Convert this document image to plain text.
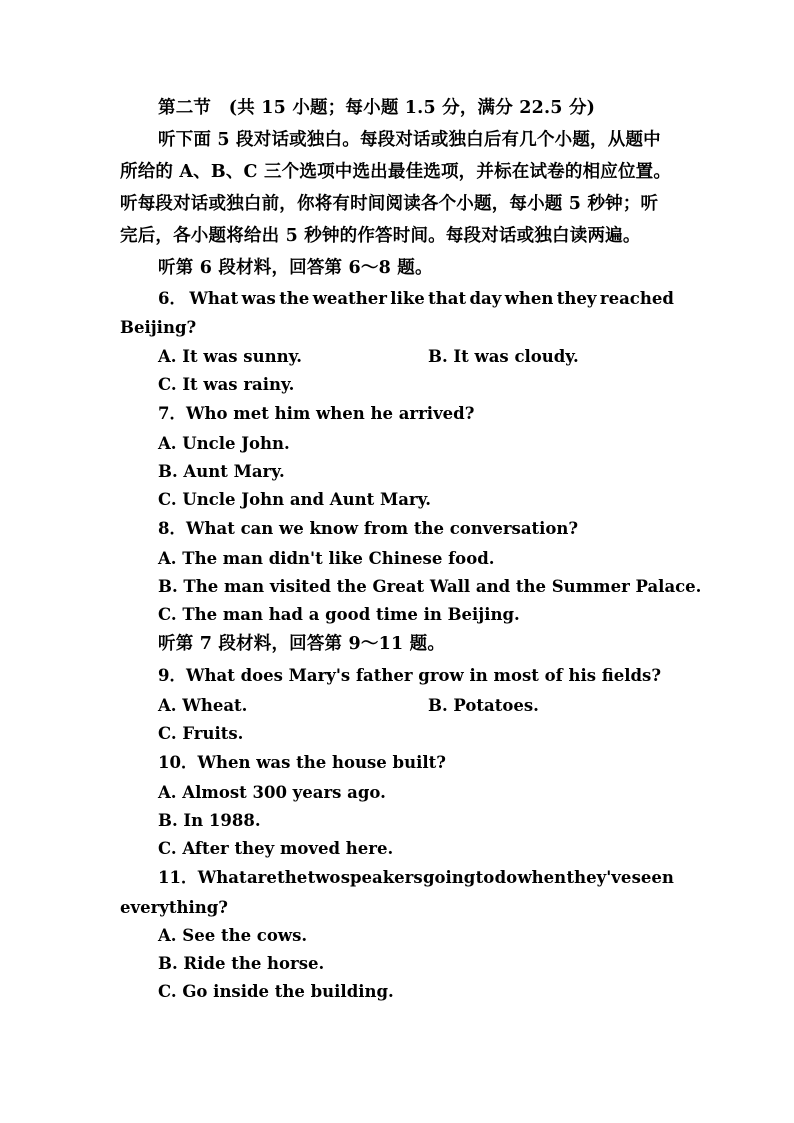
第二节　(共 15 小题；每小题 1.5 分，满分 22.5 分)
听下面 5 段对话或独白。每段对话或独白后有几个小题，从题中
所给的 A、B、C 三个选项中选出最佳选项，并标在试卷的相应位置。
听每段对话或独白前，你将有时间阅读各个小题，每小题 5 秒钟；听
完后，各小题将给出 5 秒钟的作答时间。每段对话或独白读两遍。
听第 6 段材料，回答第 6～8 题。
6． What was the weather like that day when they reached
Beijing?
A. It was sunny.	B. It was cloudy.
C. It was rainy.
7．Who met him when he arrived?
A. Uncle John.
B. Aunt Mary.
C. Uncle John and Aunt Mary.
8．What can we know from the conversation?
A. The man didn't like Chinese food.
B. The man visited the Great Wall and the Summer Palace.
C. The man had a good time in Beijing.
听第 7 段材料，回答第 9～11 题。
9．What does Mary's father grow in most of his fields?
A. Wheat.	B. Potatoes.
C. Fruits.
10．When was the house built?
A. Almost 300 years ago.
B. In 1988.
C. After they moved here.
11． What are the two speakers going to do when they've seen
everything?
A. See the cows.
B. Ride the horse.
C. Go inside the building.
